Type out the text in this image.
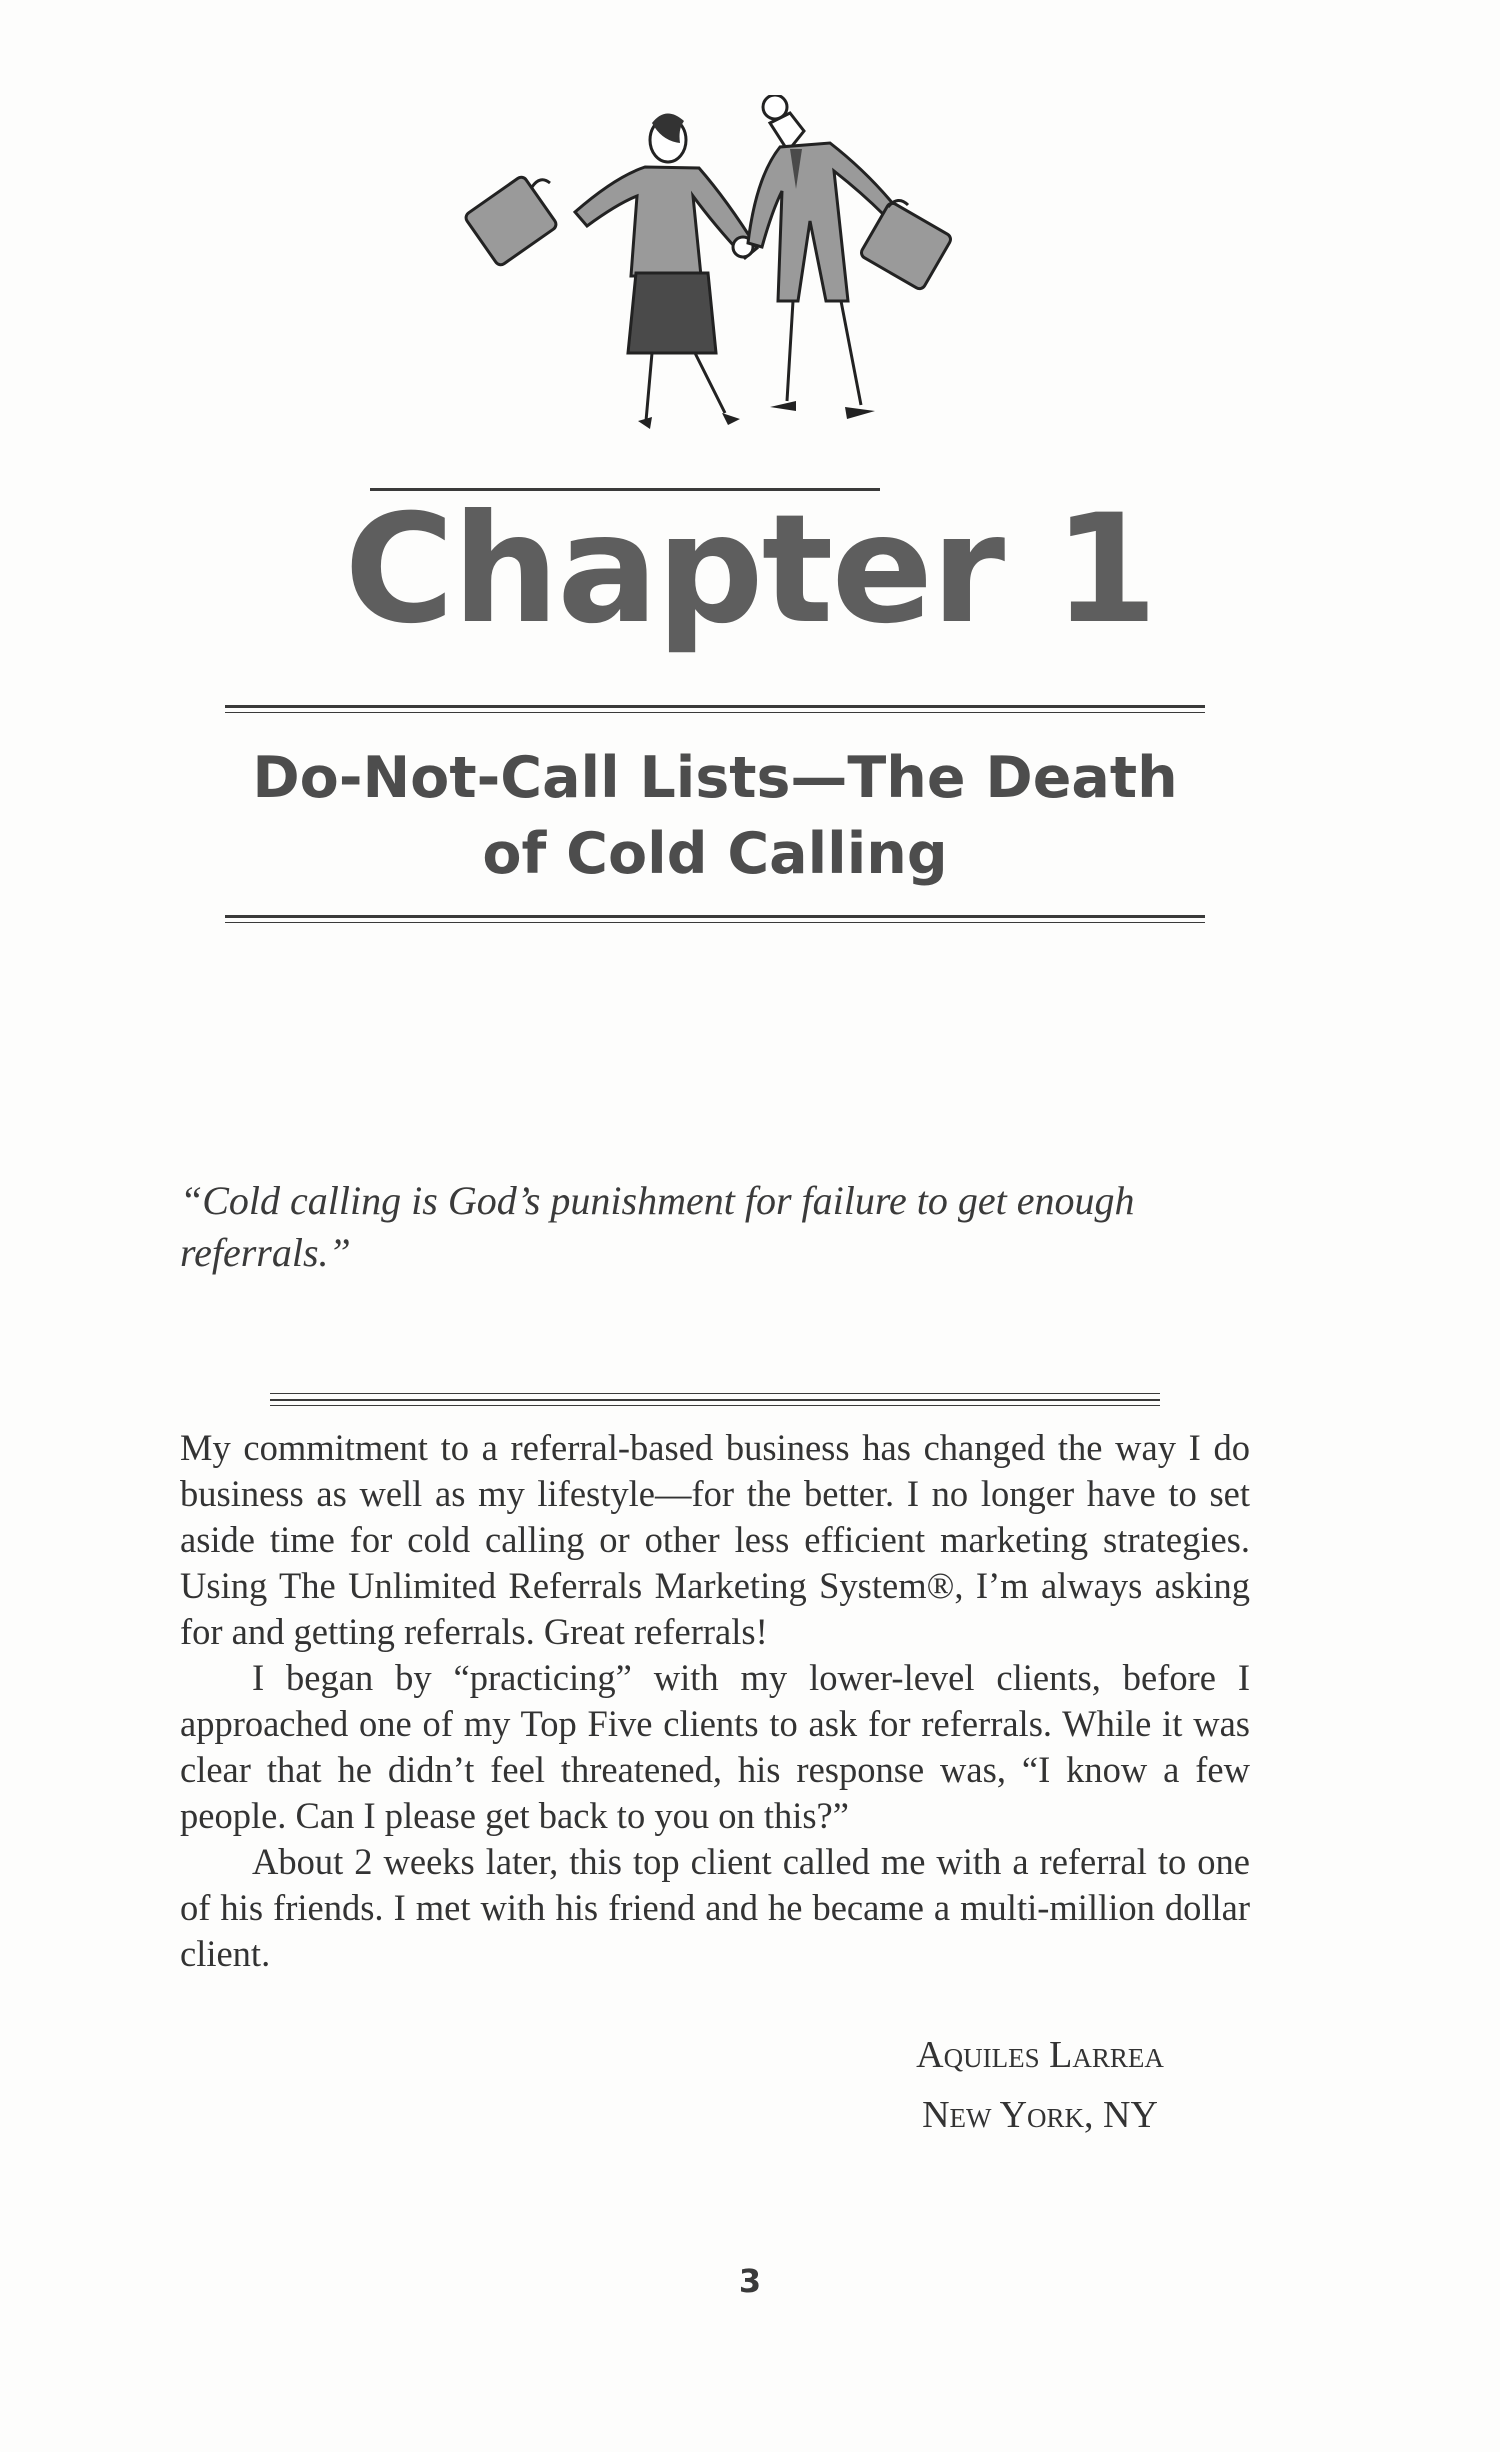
Chapter 1
Do-Not-Call Lists—The Death of Cold Calling
“Cold calling is God’s punishment for failure to get enough referrals.”

My commitment to a referral-based business has changed the way I do business as well as my lifestyle—for the better. I no longer have to set aside time for cold calling or other less efficient marketing strategies. Using The Unlimited Referrals Marketing System®, I’m always asking for and getting referrals. Great referrals!

I began by “practicing” with my lower-level clients, before I approached one of my Top Five clients to ask for referrals. While it was clear that he didn’t feel threatened, his response was, “I know a few people. Can I please get back to you on this?”

About 2 weeks later, this top client called me with a referral to one of his friends. I met with his friend and he became a multi-million dollar client.

Aquiles Larrea
New York, NY
3
